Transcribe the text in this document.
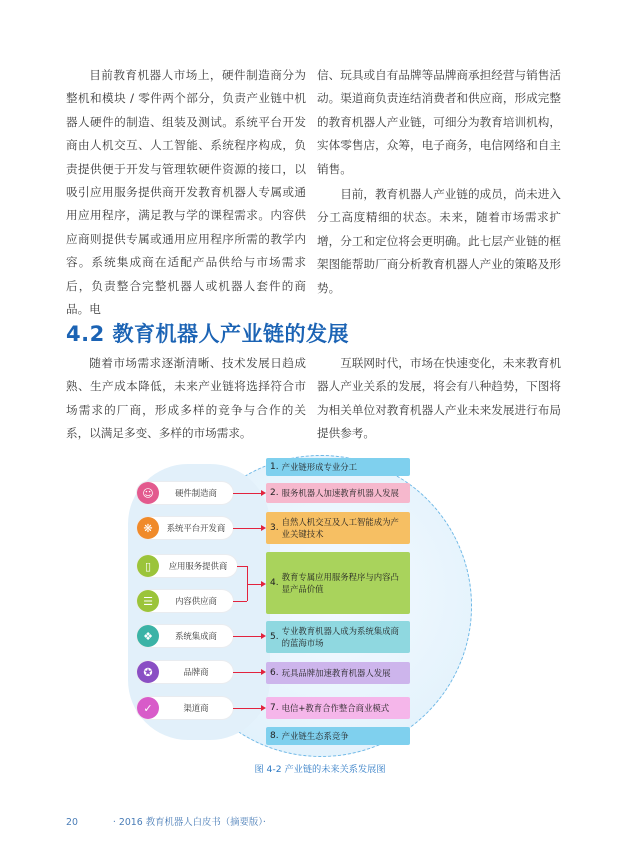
目前教育机器人市场上，硬件制造商分为整机和模块 / 零件两个部分，负责产业链中机器人硬件的制造、组装及测试。系统平台开发商由人机交互、人工智能、系统程序构成，负责提供便于开发与管理软硬件资源的接口，以吸引应用服务提供商开发教育机器人专属或通用应用程序，满足教与学的课程需求。内容供应商则提供专属或通用应用程序所需的教学内容。系统集成商在适配产品供给与市场需求后，负责整合完整机器人或机器人套件的商品。电

信、玩具或自有品牌等品牌商承担经营与销售活动。渠道商负责连结消费者和供应商，形成完整的教育机器人产业链，可细分为教育培训机构，实体零售店，众筹，电子商务，电信网络和自主销售。

目前，教育机器人产业链的成员，尚未进入分工高度精细的状态。未来，随着市场需求扩增，分工和定位将会更明确。此七层产业链的框架图能帮助厂商分析教育机器人产业的策略及形势。

4.2 教育机器人产业链的发展

随着市场需求逐渐清晰、技术发展日趋成熟、生产成本降低，未来产业链将选择符合市场需求的厂商，形成多样的竞争与合作的关系，以满足多变、多样的市场需求。

互联网时代，市场在快速变化，未来教育机器人产业关系的发展，将会有八种趋势，下图将为相关单位对教育机器人产业未来发展进行布局提供参考。

☺	硬件制造商
❋	系统平台开发商
▯	应用服务提供商
☰	内容供应商
❖	系统集成商
✪	品牌商
✓	渠道商
1. 产业链形成专业分工
2. 服务机器人加速教育机器人发展
3.
自然人机交互及人工智能成为产业关键技术
4.
教育专属应用服务程序与内容凸显产品价值
5.
专业教育机器人成为系统集成商的蓝海市场
6. 玩具品牌加速教育机器人发展
7. 电信+教育合作整合商业模式
8. 产业链生态系竞争
图 4-2 产业链的未来关系发展图
20	· 2016 教育机器人白皮书（摘要版）·
